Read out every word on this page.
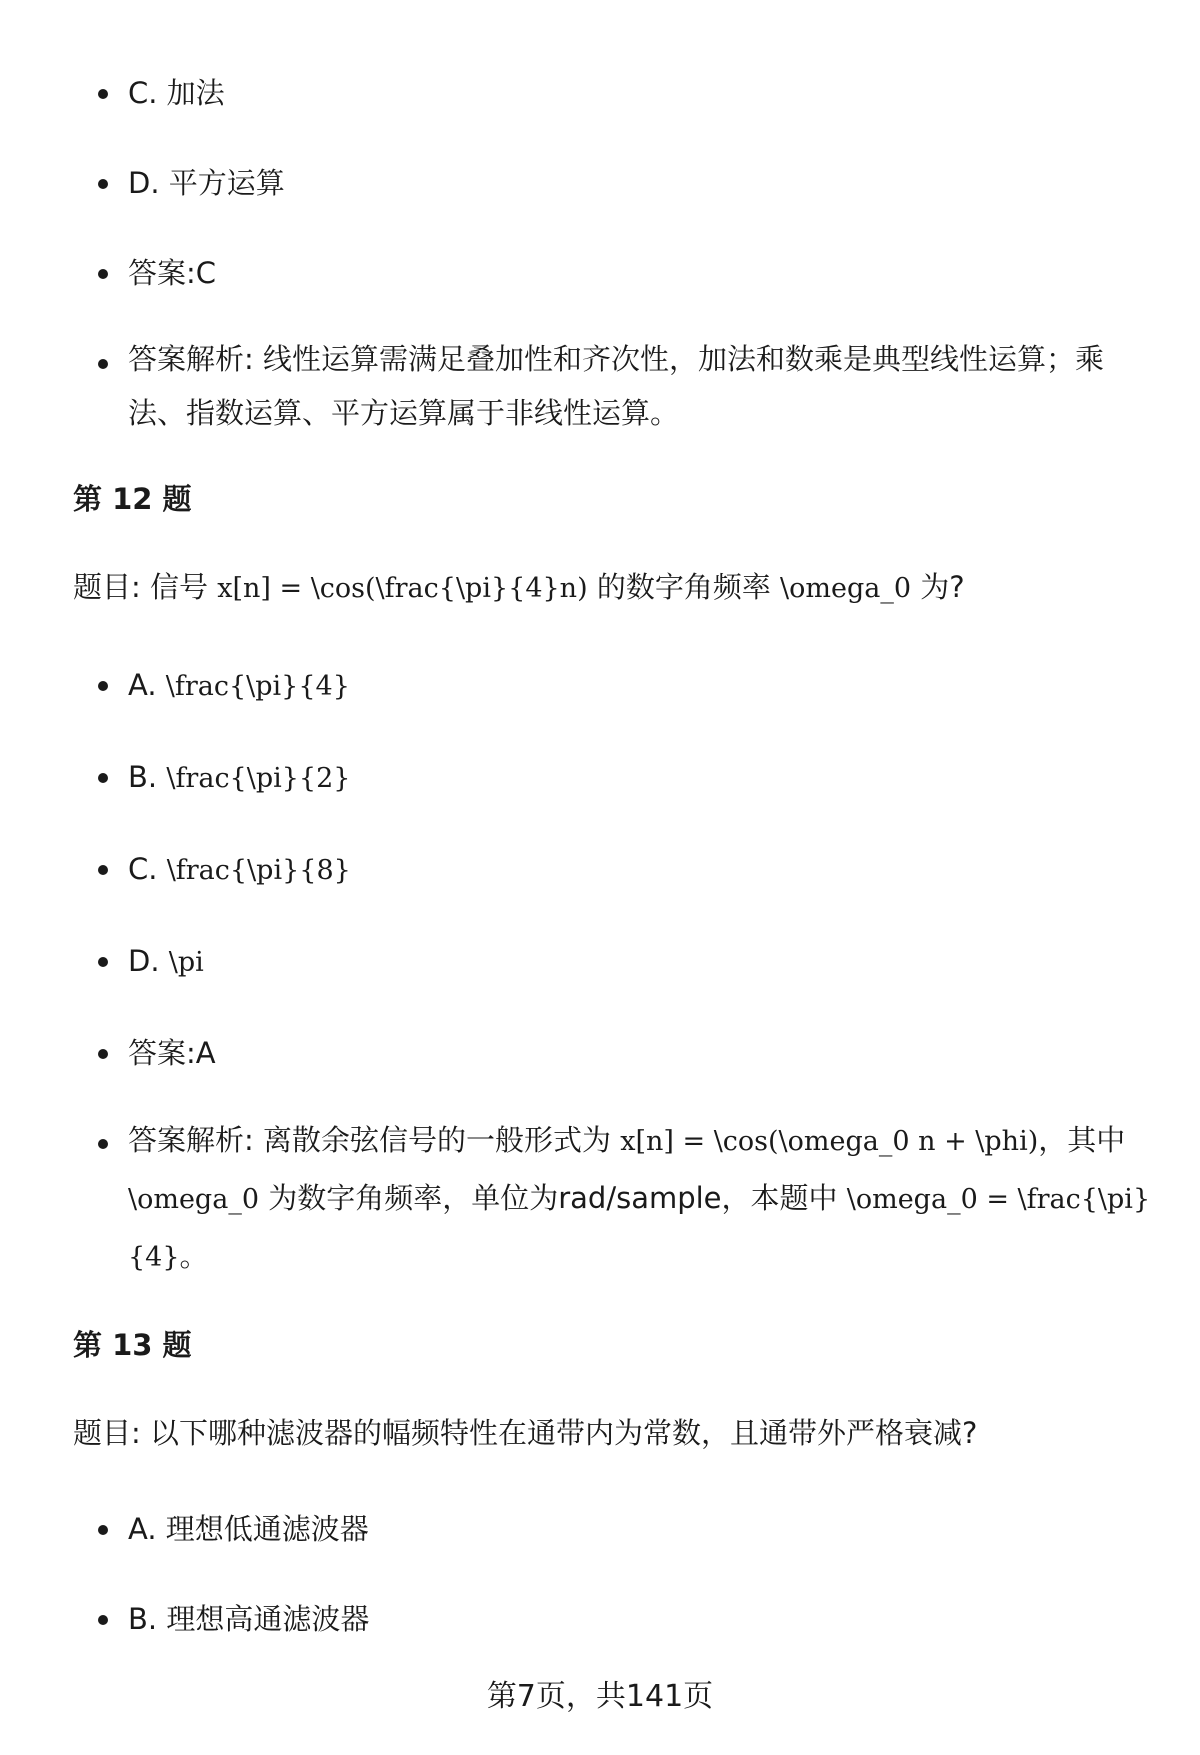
C. 加法
D. 平方运算
答案:C
答案解析: 线性运算需满足叠加性和齐次性，加法和数乘是典型线性运算；乘法、指数运算、平方运算属于非线性运算。
第 12 题
题目: 信号 x[n] = \cos(\frac{\pi}{4}n) 的数字角频率 \omega_0 为?
A. \frac{\pi}{4}
B. \frac{\pi}{2}
C. \frac{\pi}{8}
D. \pi
答案:A
答案解析: 离散余弦信号的一般形式为 x[n] = \cos(\omega_0 n + \phi)，其中 \omega_0 为数字角频率，单位为rad/sample，本题中 \omega_0 = \frac{\pi}{4}。
第 13 题
题目: 以下哪种滤波器的幅频特性在通带内为常数，且通带外严格衰减?
A. 理想低通滤波器
B. 理想高通滤波器
第7页，共141页
